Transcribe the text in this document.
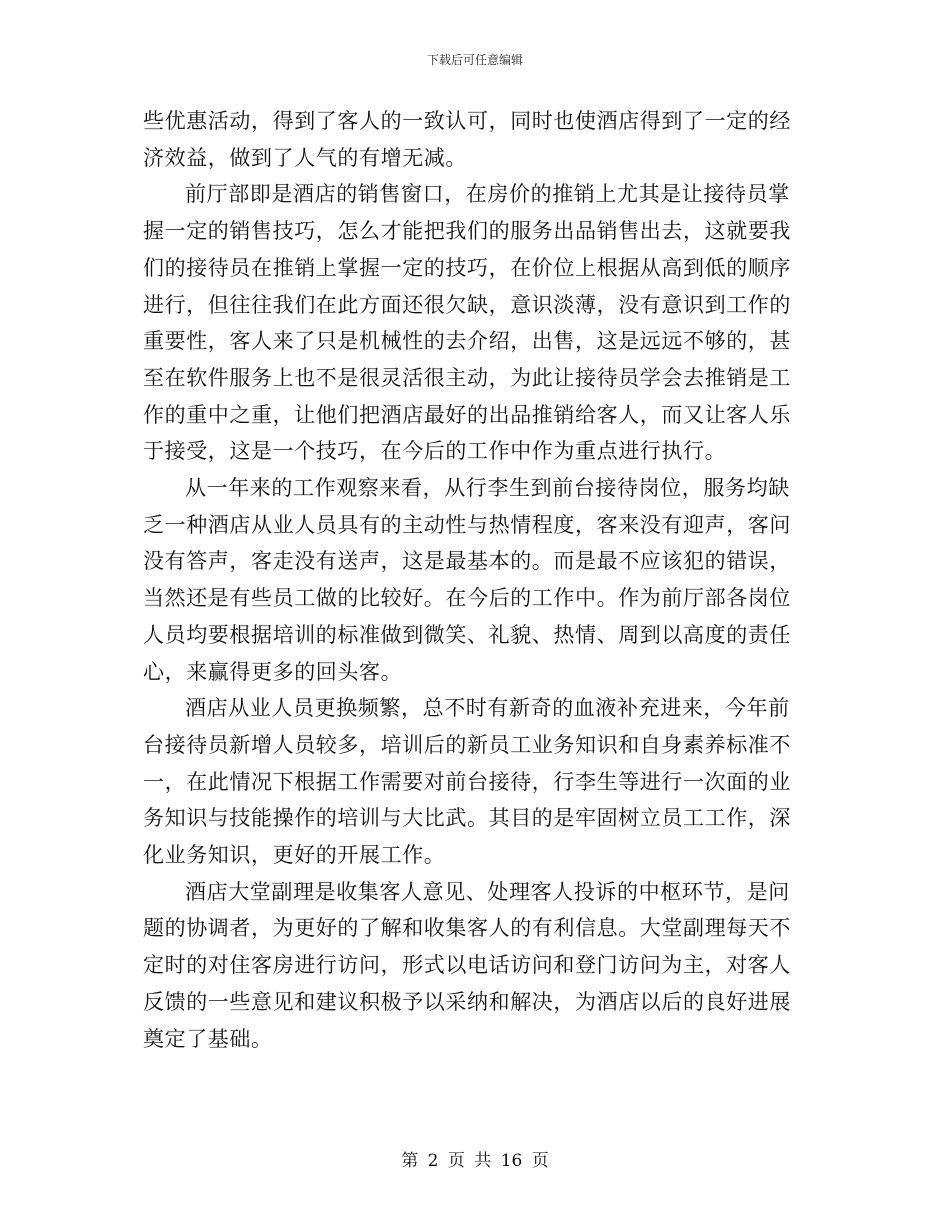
下载后可任意编辑

些优惠活动，得到了客人的一致认可，同时也使酒店得到了一定的经
济效益，做到了人气的有增无减。

前厅部即是酒店的销售窗口，在房价的推销上尤其是让接待员掌
握一定的销售技巧，怎么才能把我们的服务出品销售出去，这就要我
们的接待员在推销上掌握一定的技巧，在价位上根据从高到低的顺序
进行，但往往我们在此方面还很欠缺，意识淡薄，没有意识到工作的
重要性，客人来了只是机械性的去介绍，出售，这是远远不够的，甚
至在软件服务上也不是很灵活很主动，为此让接待员学会去推销是工
作的重中之重，让他们把酒店最好的出品推销给客人，而又让客人乐
于接受，这是一个技巧，在今后的工作中作为重点进行执行。

从一年来的工作观察来看，从行李生到前台接待岗位，服务均缺
乏一种酒店从业人员具有的主动性与热情程度，客来没有迎声，客问
没有答声，客走没有送声，这是最基本的。而是最不应该犯的错误，
当然还是有些员工做的比较好。在今后的工作中。作为前厅部各岗位
人员均要根据培训的标准做到微笑、礼貌、热情、周到以高度的责任
心，来赢得更多的回头客。

酒店从业人员更换频繁，总不时有新奇的血液补充进来，今年前
台接待员新增人员较多，培训后的新员工业务知识和自身素养标准不
一，在此情况下根据工作需要对前台接待，行李生等进行一次面的业
务知识与技能操作的培训与大比武。其目的是牢固树立员工工作，深
化业务知识，更好的开展工作。

酒店大堂副理是收集客人意见、处理客人投诉的中枢环节，是问
题的协调者，为更好的了解和收集客人的有利信息。大堂副理每天不
定时的对住客房进行访问，形式以电话访问和登门访问为主，对客人
反馈的一些意见和建议积极予以采纳和解决，为酒店以后的良好进展
奠定了基础。

第 2 页 共 16 页
